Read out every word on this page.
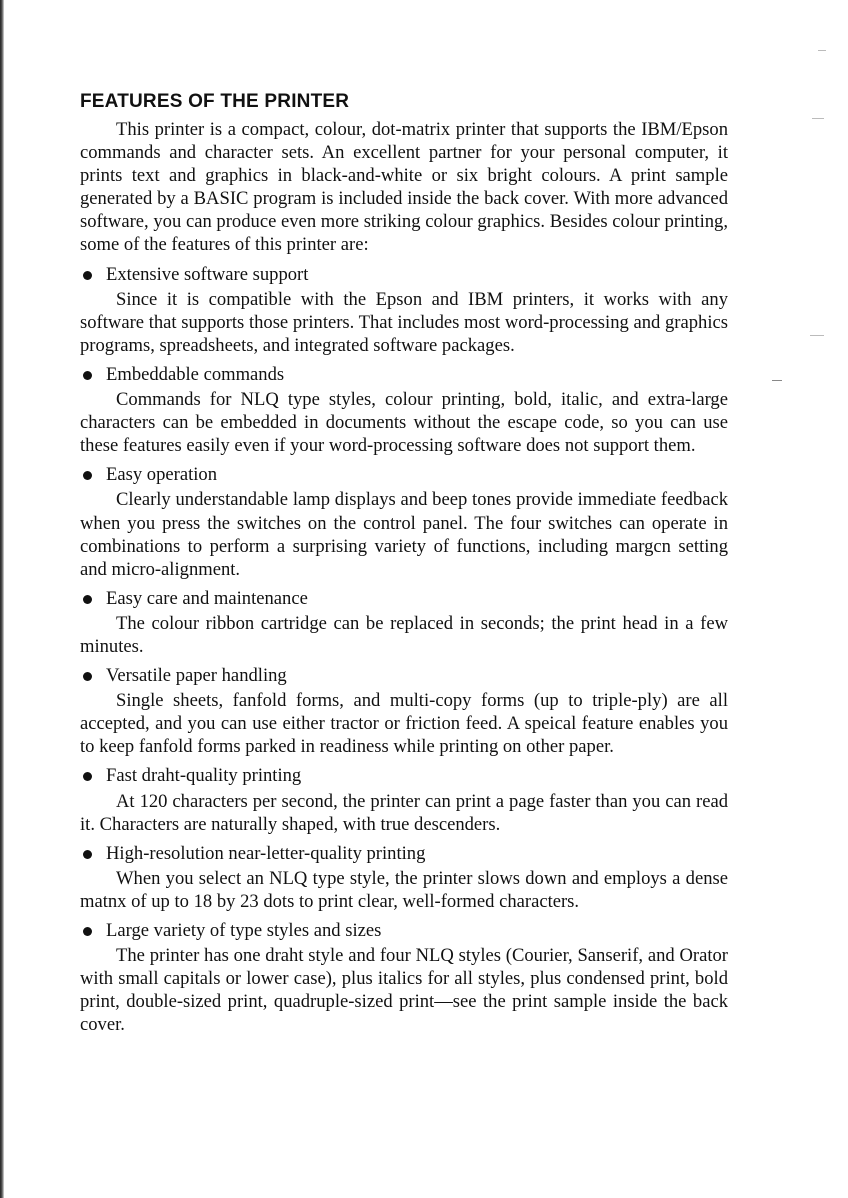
FEATURES OF THE PRINTER

This printer is a compact, colour, dot-matrix printer that supports the IBM/Epson commands and character sets. An excellent partner for your personal computer, it prints text and graphics in black-and-white or six bright colours. A print sample generated by a BASIC program is included inside the back cover. With more advanced software, you can produce even more striking colour graphics. Besides colour printing, some of the features of this printer are:

Extensive software support

Since it is compatible with the Epson and IBM printers, it works with any software that supports those printers. That includes most word-processing and graphics programs, spreadsheets, and integrated software packages.

Embeddable commands

Commands for NLQ type styles, colour printing, bold, italic, and extra-large characters can be embedded in documents without the escape code, so you can use these features easily even if your word-processing software does not support them.

Easy operation

Clearly understandable lamp displays and beep tones provide immediate feedback when you press the switches on the control panel. The four switches can operate in combinations to perform a surprising variety of functions, including margcn setting and micro-alignment.

Easy care and maintenance

The colour ribbon cartridge can be replaced in seconds; the print head in a few minutes.

Versatile paper handling

Single sheets, fanfold forms, and multi-copy forms (up to triple-ply) are all accepted, and you can use either tractor or friction feed. A speical feature enables you to keep fanfold forms parked in readiness while printing on other paper.

Fast draht-quality printing

At 120 characters per second, the printer can print a page faster than you can read it. Characters are naturally shaped, with true descenders.

High-resolution near-letter-quality printing

When you select an NLQ type style, the printer slows down and employs a dense matnx of up to 18 by 23 dots to print clear, well-formed characters.

Large variety of type styles and sizes

The printer has one draht style and four NLQ styles (Courier, Sanserif, and Orator with small capitals or lower case), plus italics for all styles, plus condensed print, bold print, double-sized print, quadruple-sized print—see the print sample inside the back cover.
